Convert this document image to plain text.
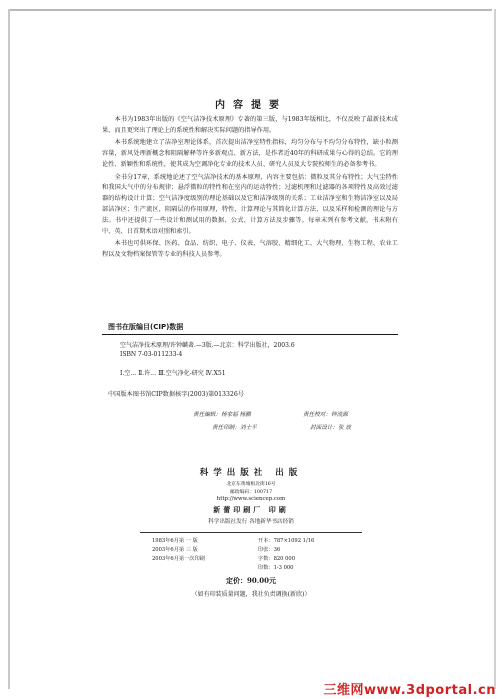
内容提要

本书为1983年出版的《空气洁净技术原理》专著的第三版，与1983年版相比，不仅反映了最新技术成果，而且更突出了理论上的系统性和解决实际问题的指导作用。

本书系统地建立了洁净室理论体系，首次提出洁净室特性指标，均匀分布与不均匀分布特性，缺小粒测容量，新风处理新概念和阻隔解释等许多新观点、新方法，是作者近40年的科研成果与心得的总结。它的理论性、新颖性和系统性，使其成为空调净化专业的技术人员、研究人员及大专院校师生的必备参考书。

全书分17章，系统地论述了空气洁净技术的基本原理，内容主要包括：微粒及其分布特性；大气尘特性和我国大气中的分布规律；悬浮微粒的特性和在室内的运动特性；过滤机理和过滤器的各项特性及高效过滤器的结构设计计算；空气洁净度级别的理论基础以及它和洁净级别的关系；工业洁净室和生物洁净室以及局部洁净区；生产流区，阻隔层的作用原理，特性，计算理论与其简化计算方法，以及采样和检测的理论与方法。书中还提供了一些设计和测试用的数据、公式、计算方法及步骤等。每章末列有参考文献，书末附有中、英、日首期术语对照和索引。

本书也可供环保、医药、食品、纺织、电子、仪表、气溶胶、精细化工、大气物理、生物工程、农业工程以及文物档案保管等专业的科技人员参考。

图书在版编目(CIP)数据
空气洁净技术原理/许钟麟著.—3版.—北京：科学出版社，2003.6
ISBN 7-03-011233-4
Ⅰ.空… Ⅱ.许… Ⅲ.空气净化-研究 Ⅳ.X51
中国版本图书馆CIP数据核字(2003)第013326号
责任编辑：杨家福 杨鹏	责任校对：钟流源
责任印制：刘士平	封面设计：张 放
科学出版社 出版
北京东黄城根北街16号
邮政编码：100717
http://www.sciencep.com
新蕾印刷厂 印刷
科学出版社发行 各地新华书店经销
1983年6月第 一 版	开本：787×1092 1/16
2003年6月第 三 版	印张：36
2003年6月第一次印刷	字数：820 000
印数：1-3 000
定价：90.00元
（如有印装质量问题，我社负责调换(新欣)）
三维网www.3dportal.cn
